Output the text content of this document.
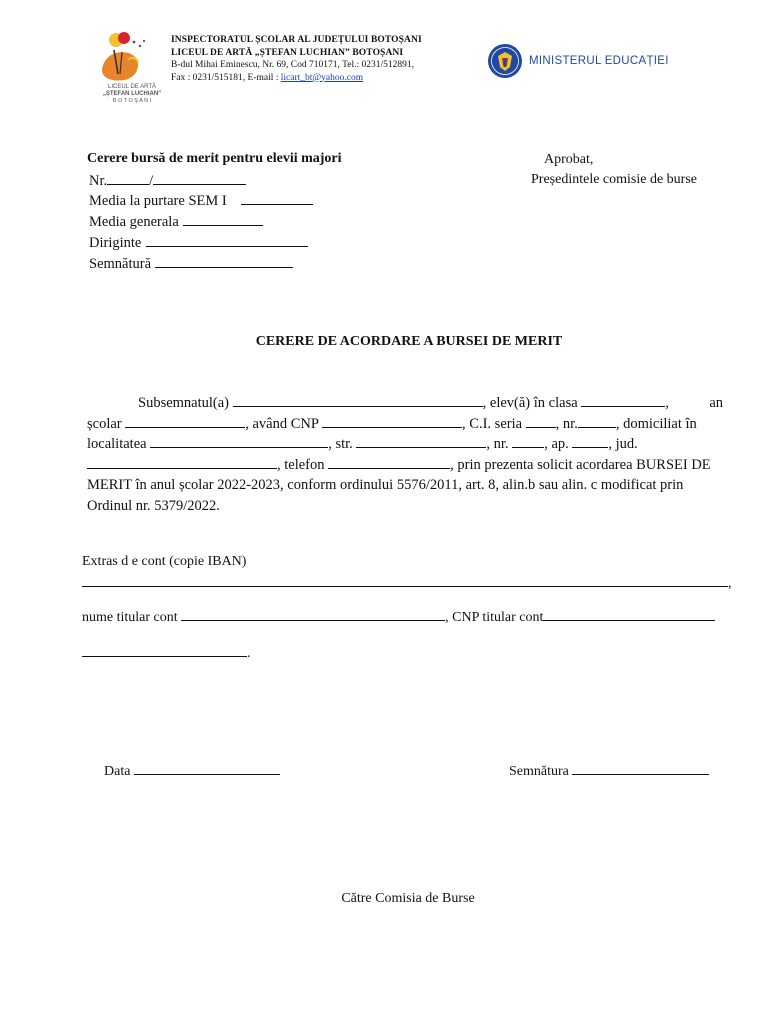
LICEUL DE ARTĂ
„ȘTEFAN LUCHIAN”
B O T O Ș A N I
INSPECTORATUL ȘCOLAR AL JUDEȚULUI BOTOȘANI
LICEUL DE ARTĂ „ȘTEFAN LUCHIAN” BOTOȘANI
B-dul Mihai Eminescu, Nr. 69, Cod 710171, Tel.: 0231/512891,
Fax : 0231/515181, E-mail : licart_bt@yahoo.com
MINISTERUL EDUCAȚIEI
Cerere bursă de merit pentru elevii majori
Nr.	/
Media la purtare SEM I
Media generala
Diriginte
Semnătură
Aprobat,
Președintele comisie de burse
CERERE DE ACORDARE A BURSEI DE MERIT
Subsemnatul(a)	, elev(ă) în clasa	,	an
școlar	, având CNP	, C.I. seria , nr.	, domiciliat în
localitatea	, str.	, nr. , ap.	, jud.
, telefon	, prin prezenta solicit acordarea BURSEI DE
MERIT în anul școlar 2022-2023, conform ordinului 5576/2011, art. 8, alin.b sau alin. c modificat prin
Ordinul nr. 5379/2022.
Extras d e cont (copie IBAN)
,
nume titular cont	, CNP titular cont
.
Data	Semnătura
Către Comisia de Burse
